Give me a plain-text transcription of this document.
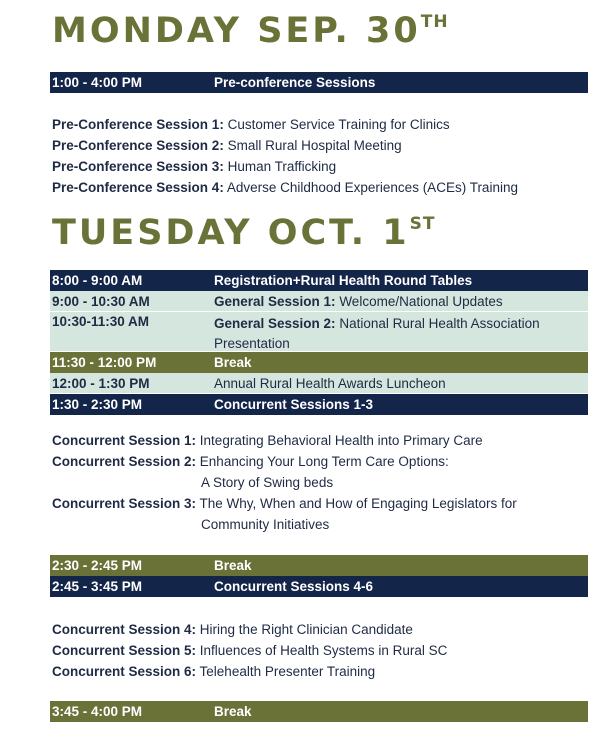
MONDAY SEP. 30TH
1:00 - 4:00 PM	Pre-conference Sessions
Pre-Conference Session 1: Customer Service Training for Clinics
Pre-Conference Session 2: Small Rural Hospital Meeting
Pre-Conference Session 3: Human Trafficking
Pre-Conference Session 4: Adverse Childhood Experiences (ACEs) Training
TUESDAY OCT. 1ST
8:00 - 9:00 AM	Registration+Rural Health Round Tables
9:00 - 10:30 AM	General Session 1: Welcome/National Updates
10:30-11:30 AM	General Session 2: National Rural Health Association Presentation
11:30 - 12:00 PM	Break
12:00 - 1:30 PM	Annual Rural Health Awards Luncheon
1:30 - 2:30 PM	Concurrent Sessions 1-3
Concurrent Session 1: Integrating Behavioral Health into Primary Care
Concurrent Session 2: Enhancing Your Long Term Care Options:
A Story of Swing beds
Concurrent Session 3: The Why, When and How of Engaging Legislators for
Community Initiatives
2:30 - 2:45 PM	Break
2:45 - 3:45 PM	Concurrent Sessions 4-6
Concurrent Session 4: Hiring the Right Clinician Candidate
Concurrent Session 5: Influences of Health Systems in Rural SC
Concurrent Session 6: Telehealth Presenter Training
3:45 - 4:00 PM	Break
